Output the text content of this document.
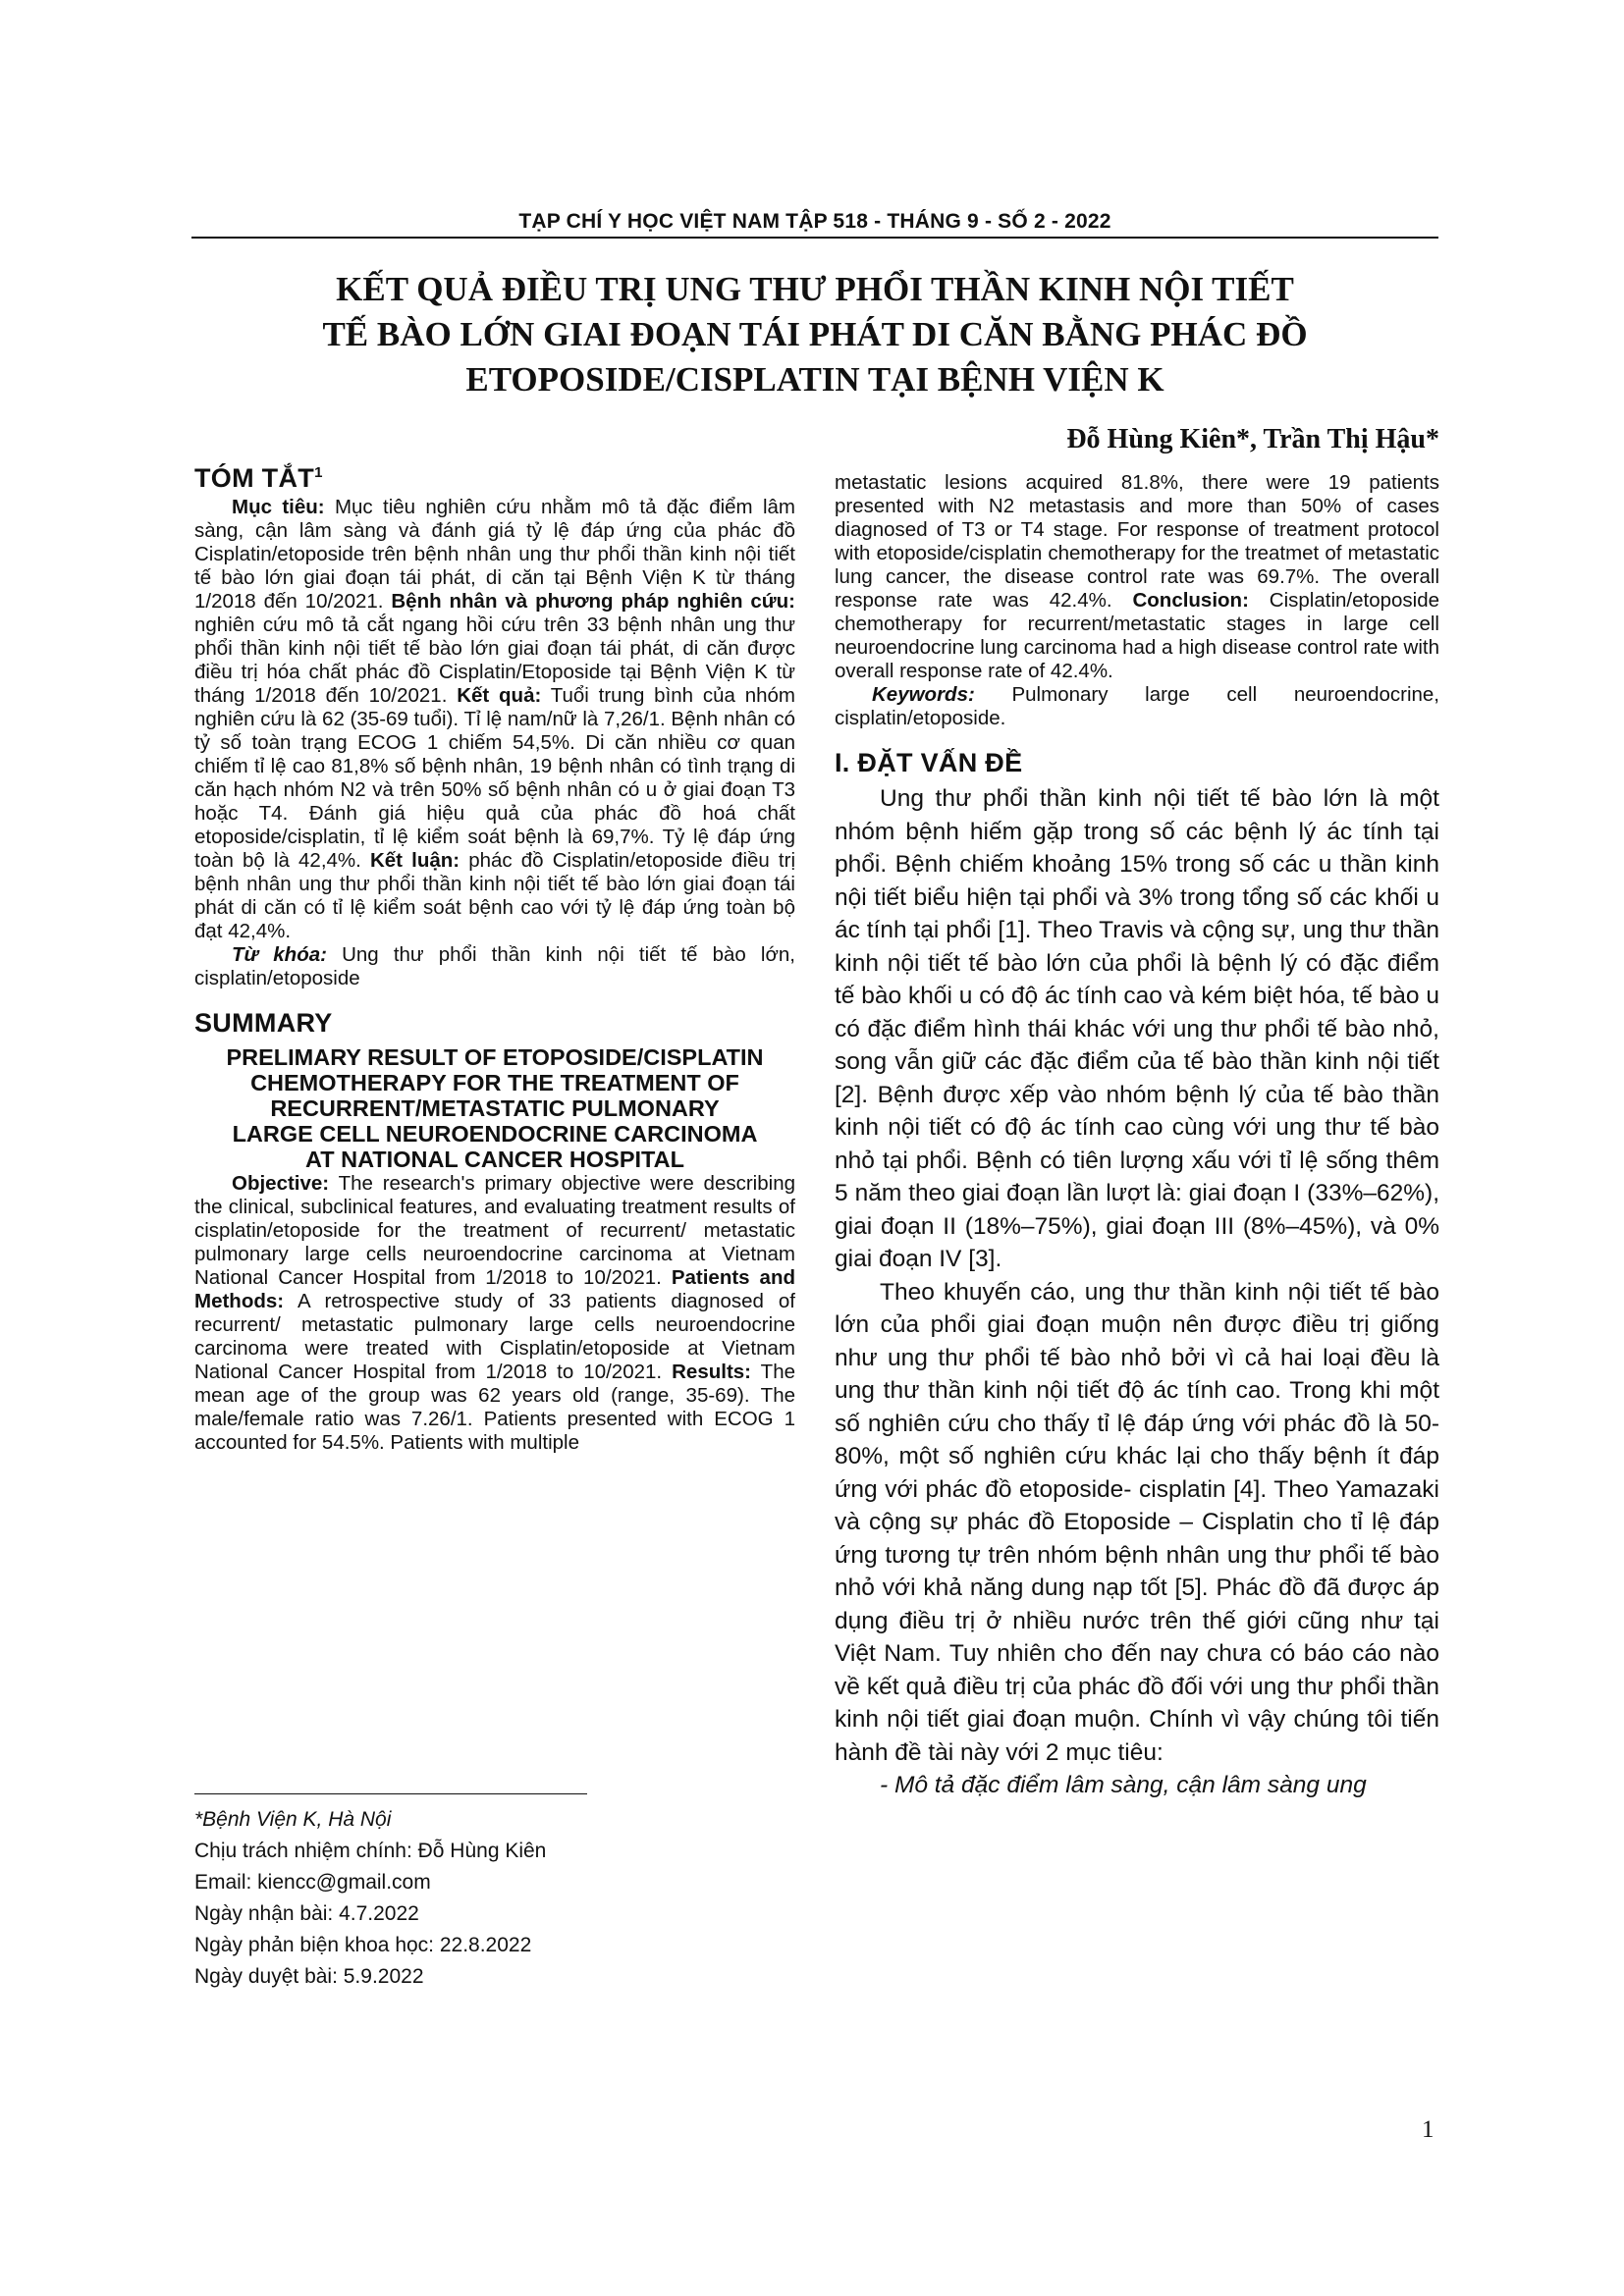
TẠP CHÍ Y HỌC VIỆT NAM TẬP 518 - THÁNG 9 - SỐ 2 - 2022
KẾT QUẢ ĐIỀU TRỊ UNG THƯ PHỔI THẦN KINH NỘI TIẾT
TẾ BÀO LỚN GIAI ĐOẠN TÁI PHÁT DI CĂN BẰNG PHÁC ĐỒ
ETOPOSIDE/CISPLATIN TẠI BỆNH VIỆN K
Đỗ Hùng Kiên*, Trần Thị Hậu*
TÓM TẮT$^1$

Mục tiêu: Mục tiêu nghiên cứu nhằm mô tả đặc điểm lâm sàng, cận lâm sàng và đánh giá tỷ lệ đáp ứng của phác đồ Cisplatin/etoposide trên bệnh nhân ung thư phổi thần kinh nội tiết tế bào lớn giai đoạn tái phát, di căn tại Bệnh Viện K từ tháng 1/2018 đến 10/2021. Bệnh nhân và phương pháp nghiên cứu: nghiên cứu mô tả cắt ngang hồi cứu trên 33 bệnh nhân ung thư phổi thần kinh nội tiết tế bào lớn giai đoạn tái phát, di căn được điều trị hóa chất phác đồ Cisplatin/Etoposide tại Bệnh Viện K từ tháng 1/2018 đến 10/2021. Kết quả: Tuổi trung bình của nhóm nghiên cứu là 62 (35-69 tuổi). Tỉ lệ nam/nữ là 7,26/1. Bệnh nhân có tỷ số toàn trạng ECOG 1 chiếm 54,5%. Di căn nhiều cơ quan chiếm tỉ lệ cao 81,8% số bệnh nhân, 19 bệnh nhân có tình trạng di căn hạch nhóm N2 và trên 50% số bệnh nhân có u ở giai đoạn T3 hoặc T4. Đánh giá hiệu quả của phác đồ hoá chất etoposide/cisplatin, tỉ lệ kiểm soát bệnh là 69,7%. Tỷ lệ đáp ứng toàn bộ là 42,4%. Kết luận: phác đồ Cisplatin/etoposide điều trị bệnh nhân ung thư phổi thần kinh nội tiết tế bào lớn giai đoạn tái phát di căn có tỉ lệ kiểm soát bệnh cao với tỷ lệ đáp ứng toàn bộ đạt 42,4%.

Từ khóa: Ung thư phổi thần kinh nội tiết tế bào lớn, cisplatin/etoposide

SUMMARY
PRELIMARY RESULT OF ETOPOSIDE/CISPLATIN
CHEMOTHERAPY FOR THE TREATMENT OF
RECURRENT/METASTATIC PULMONARY
LARGE CELL NEUROENDOCRINE CARCINOMA
AT NATIONAL CANCER HOSPITAL

Objective: The research's primary objective were describing the clinical, subclinical features, and evaluating treatment results of cisplatin/etoposide for the treatment of recurrent/ metastatic pulmonary large cells neuroendocrine carcinoma at Vietnam National Cancer Hospital from 1/2018 to 10/2021. Patients and Methods: A retrospective study of 33 patients diagnosed of recurrent/ metastatic pulmonary large cells neuroendocrine carcinoma were treated with Cisplatin/etoposide at Vietnam National Cancer Hospital from 1/2018 to 10/2021. Results: The mean age of the group was 62 years old (range, 35-69). The male/female ratio was 7.26/1. Patients presented with ECOG 1 accounted for 54.5%. Patients with multiple

*Bệnh Viện K, Hà Nội
Chịu trách nhiệm chính: Đỗ Hùng Kiên
Email: kiencc@gmail.com
Ngày nhận bài: 4.7.2022
Ngày phản biện khoa học: 22.8.2022
Ngày duyệt bài: 5.9.2022

metastatic lesions acquired 81.8%, there were 19 patients presented with N2 metastasis and more than 50% of cases diagnosed of T3 or T4 stage. For response of treatment protocol with etoposide/cisplatin chemotherapy for the treatmet of metastatic lung cancer, the disease control rate was 69.7%. The overall response rate was 42.4%. Conclusion: Cisplatin/etoposide chemotherapy for recurrent/metastatic stages in large cell neuroendocrine lung carcinoma had a high disease control rate with overall response rate of 42.4%.

Keywords: Pulmonary large cell neuroendocrine, cisplatin/etoposide.

I. ĐẶT VẤN ĐỀ

Ung thư phổi thần kinh nội tiết tế bào lớn là một nhóm bệnh hiếm gặp trong số các bệnh lý ác tính tại phổi. Bệnh chiếm khoảng 15% trong số các u thần kinh nội tiết biểu hiện tại phổi và 3% trong tổng số các khối u ác tính tại phổi [1]. Theo Travis và cộng sự, ung thư thần kinh nội tiết tế bào lớn của phổi là bệnh lý có đặc điểm tế bào khối u có độ ác tính cao và kém biệt hóa, tế bào u có đặc điểm hình thái khác với ung thư phổi tế bào nhỏ, song vẫn giữ các đặc điểm của tế bào thần kinh nội tiết [2]. Bệnh được xếp vào nhóm bệnh lý của tế bào thần kinh nội tiết có độ ác tính cao cùng với ung thư tế bào nhỏ tại phổi. Bệnh có tiên lượng xấu với tỉ lệ sống thêm 5 năm theo giai đoạn lần lượt là: giai đoạn I (33%–62%), giai đoạn II (18%–75%), giai đoạn III (8%–45%), và 0% giai đoạn IV [3].

Theo khuyến cáo, ung thư thần kinh nội tiết tế bào lớn của phổi giai đoạn muộn nên được điều trị giống như ung thư phổi tế bào nhỏ bởi vì cả hai loại đều là ung thư thần kinh nội tiết độ ác tính cao. Trong khi một số nghiên cứu cho thấy tỉ lệ đáp ứng với phác đồ là 50-80%, một số nghiên cứu khác lại cho thấy bệnh ít đáp ứng với phác đồ etoposide- cisplatin [4]. Theo Yamazaki và cộng sự phác đồ Etoposide – Cisplatin cho tỉ lệ đáp ứng tương tự trên nhóm bệnh nhân ung thư phổi tế bào nhỏ với khả năng dung nạp tốt [5]. Phác đồ đã được áp dụng điều trị ở nhiều nước trên thế giới cũng như tại Việt Nam. Tuy nhiên cho đến nay chưa có báo cáo nào về kết quả điều trị của phác đồ đối với ung thư phổi thần kinh nội tiết giai đoạn muộn. Chính vì vậy chúng tôi tiến hành đề tài này với 2 mục tiêu:

- Mô tả đặc điểm lâm sàng, cận lâm sàng ung

1
